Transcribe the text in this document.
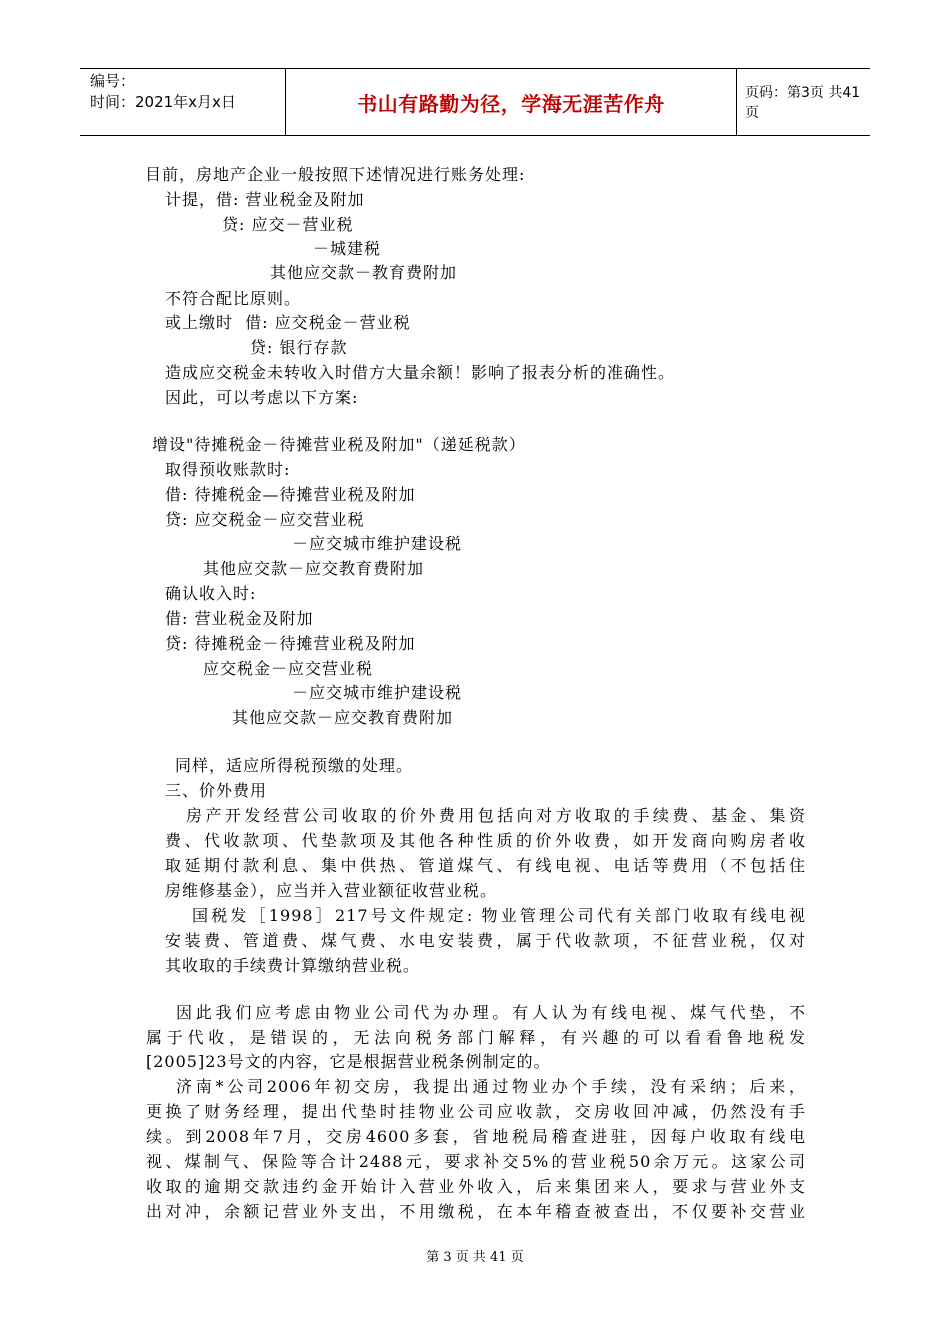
编号：
时间：2021年x月x日	书山有路勤为径，学海无涯苦作舟	页码：第3页 共41页
目前，房地产企业一般按照下述情况进行账务处理:
计提，借: 营业税金及附加
贷: 应交－营业税
－城建税
其他应交款－教育费附加
不符合配比原则。
或上缴时  借: 应交税金－营业税
贷: 银行存款
造成应交税金未转收入时借方大量余额！影响了报表分析的准确性。
因此，可以考虑以下方案:
增设"待摊税金－待摊营业税及附加"（递延税款）
取得预收账款时:
借: 待摊税金—待摊营业税及附加
贷: 应交税金－应交营业税
－应交城市维护建设税
其他应交款－应交教育费附加
确认收入时:
借: 营业税金及附加
贷: 待摊税金－待摊营业税及附加
应交税金－应交营业税
－应交城市维护建设税
其他应交款－应交教育费附加
同样，适应所得税预缴的处理。
三、价外费用
房产开发经营公司收取的价外费用包括向对方收取的手续费、基金、集资
费、代收款项、代垫款项及其他各种性质的价外收费，如开发商向购房者收
取延期付款利息、集中供热、管道煤气、有线电视、电话等费用（不包括住
房维修基金），应当并入营业额征收营业税。
国税发［1998］217号文件规定: 物业管理公司代有关部门收取有线电视
安装费、管道费、煤气费、水电安装费，属于代收款项，不征营业税，仅对
其收取的手续费计算缴纳营业税。
因此我们应考虑由物业公司代为办理。有人认为有线电视、煤气代垫，不
属于代收，是错误的，无法向税务部门解释，有兴趣的可以看看鲁地税发
[2005]23号文的内容，它是根据营业税条例制定的。
济南*公司2006年初交房，我提出通过物业办个手续，没有采纳；后来，
更换了财务经理，提出代垫时挂物业公司应收款，交房收回冲减，仍然没有手
续。到2008年7月，交房4600多套，省地税局稽查进驻，因每户收取有线电
视、煤制气、保险等合计2488元，要求补交5%的营业税50余万元。这家公司
收取的逾期交款违约金开始计入营业外收入，后来集团来人，要求与营业外支
出对冲，余额记营业外支出，不用缴税，在本年稽查被查出，不仅要补交营业
第 3 页 共 41 页
